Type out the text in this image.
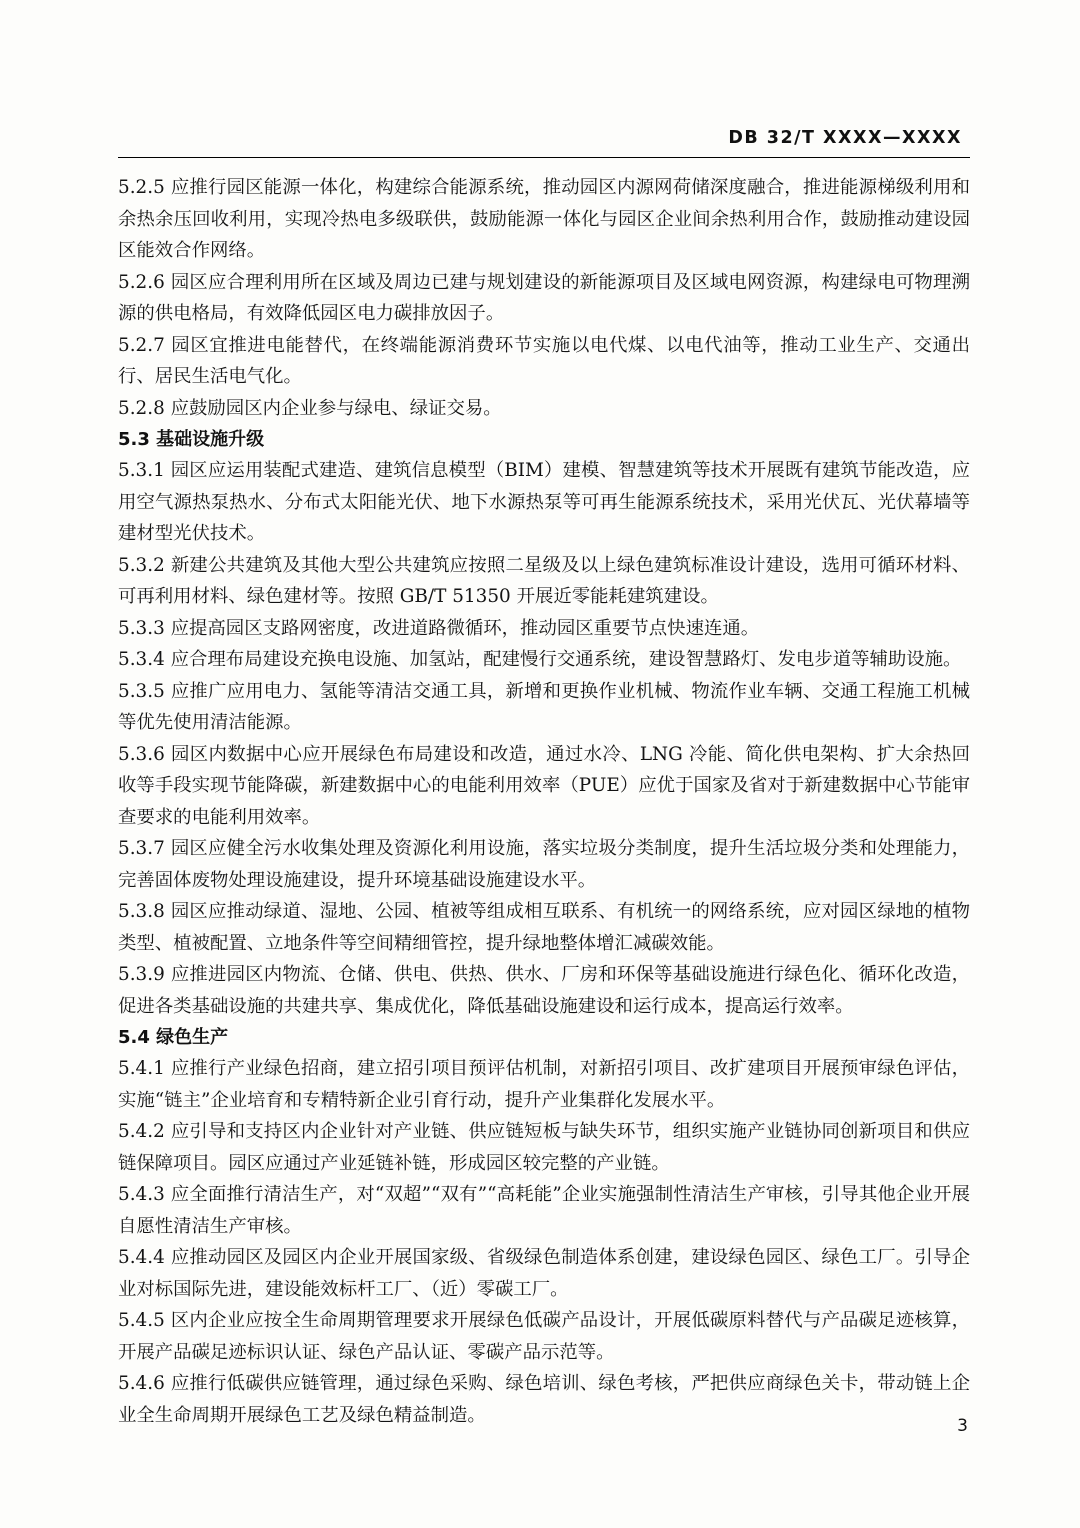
DB 32/T XXXX—XXXX

5.2.5 应推行园区能源一体化，构建综合能源系统，推动园区内源网荷储深度融合，推进能源梯级利用和余热余压回收利用，实现冷热电多级联供，鼓励能源一体化与园区企业间余热利用合作，鼓励推动建设园区能效合作网络。

5.2.6 园区应合理利用所在区域及周边已建与规划建设的新能源项目及区域电网资源，构建绿电可物理溯源的供电格局，有效降低园区电力碳排放因子。

5.2.7 园区宜推进电能替代，在终端能源消费环节实施以电代煤、以电代油等，推动工业生产、交通出行、居民生活电气化。

5.2.8 应鼓励园区内企业参与绿电、绿证交易。

5.3 基础设施升级

5.3.1 园区应运用装配式建造、建筑信息模型（BIM）建模、智慧建筑等技术开展既有建筑节能改造，应用空气源热泵热水、分布式太阳能光伏、地下水源热泵等可再生能源系统技术，采用光伏瓦、光伏幕墙等建材型光伏技术。

5.3.2 新建公共建筑及其他大型公共建筑应按照二星级及以上绿色建筑标准设计建设，选用可循环材料、可再利用材料、绿色建材等。按照 GB/T 51350 开展近零能耗建筑建设。

5.3.3 应提高园区支路网密度，改进道路微循环，推动园区重要节点快速连通。

5.3.4 应合理布局建设充换电设施、加氢站，配建慢行交通系统，建设智慧路灯、发电步道等辅助设施。

5.3.5 应推广应用电力、氢能等清洁交通工具，新增和更换作业机械、物流作业车辆、交通工程施工机械等优先使用清洁能源。

5.3.6 园区内数据中心应开展绿色布局建设和改造，通过水冷、LNG 冷能、简化供电架构、扩大余热回收等手段实现节能降碳，新建数据中心的电能利用效率（PUE）应优于国家及省对于新建数据中心节能审查要求的电能利用效率。

5.3.7 园区应健全污水收集处理及资源化利用设施，落实垃圾分类制度，提升生活垃圾分类和处理能力，完善固体废物处理设施建设，提升环境基础设施建设水平。

5.3.8 园区应推动绿道、湿地、公园、植被等组成相互联系、有机统一的网络系统，应对园区绿地的植物类型、植被配置、立地条件等空间精细管控，提升绿地整体增汇减碳效能。

5.3.9 应推进园区内物流、仓储、供电、供热、供水、厂房和环保等基础设施进行绿色化、循环化改造，促进各类基础设施的共建共享、集成优化，降低基础设施建设和运行成本，提高运行效率。

5.4 绿色生产

5.4.1 应推行产业绿色招商，建立招引项目预评估机制，对新招引项目、改扩建项目开展预审绿色评估，实施“链主”企业培育和专精特新企业引育行动，提升产业集群化发展水平。

5.4.2 应引导和支持区内企业针对产业链、供应链短板与缺失环节，组织实施产业链协同创新项目和供应链保障项目。园区应通过产业延链补链，形成园区较完整的产业链。

5.4.3 应全面推行清洁生产，对“双超”“双有”“高耗能”企业实施强制性清洁生产审核，引导其他企业开展自愿性清洁生产审核。

5.4.4 应推动园区及园区内企业开展国家级、省级绿色制造体系创建，建设绿色园区、绿色工厂。引导企业对标国际先进，建设能效标杆工厂、（近）零碳工厂。

5.4.5 区内企业应按全生命周期管理要求开展绿色低碳产品设计，开展低碳原料替代与产品碳足迹核算，开展产品碳足迹标识认证、绿色产品认证、零碳产品示范等。

5.4.6 应推行低碳供应链管理，通过绿色采购、绿色培训、绿色考核，严把供应商绿色关卡，带动链上企业全生命周期开展绿色工艺及绿色精益制造。

3
